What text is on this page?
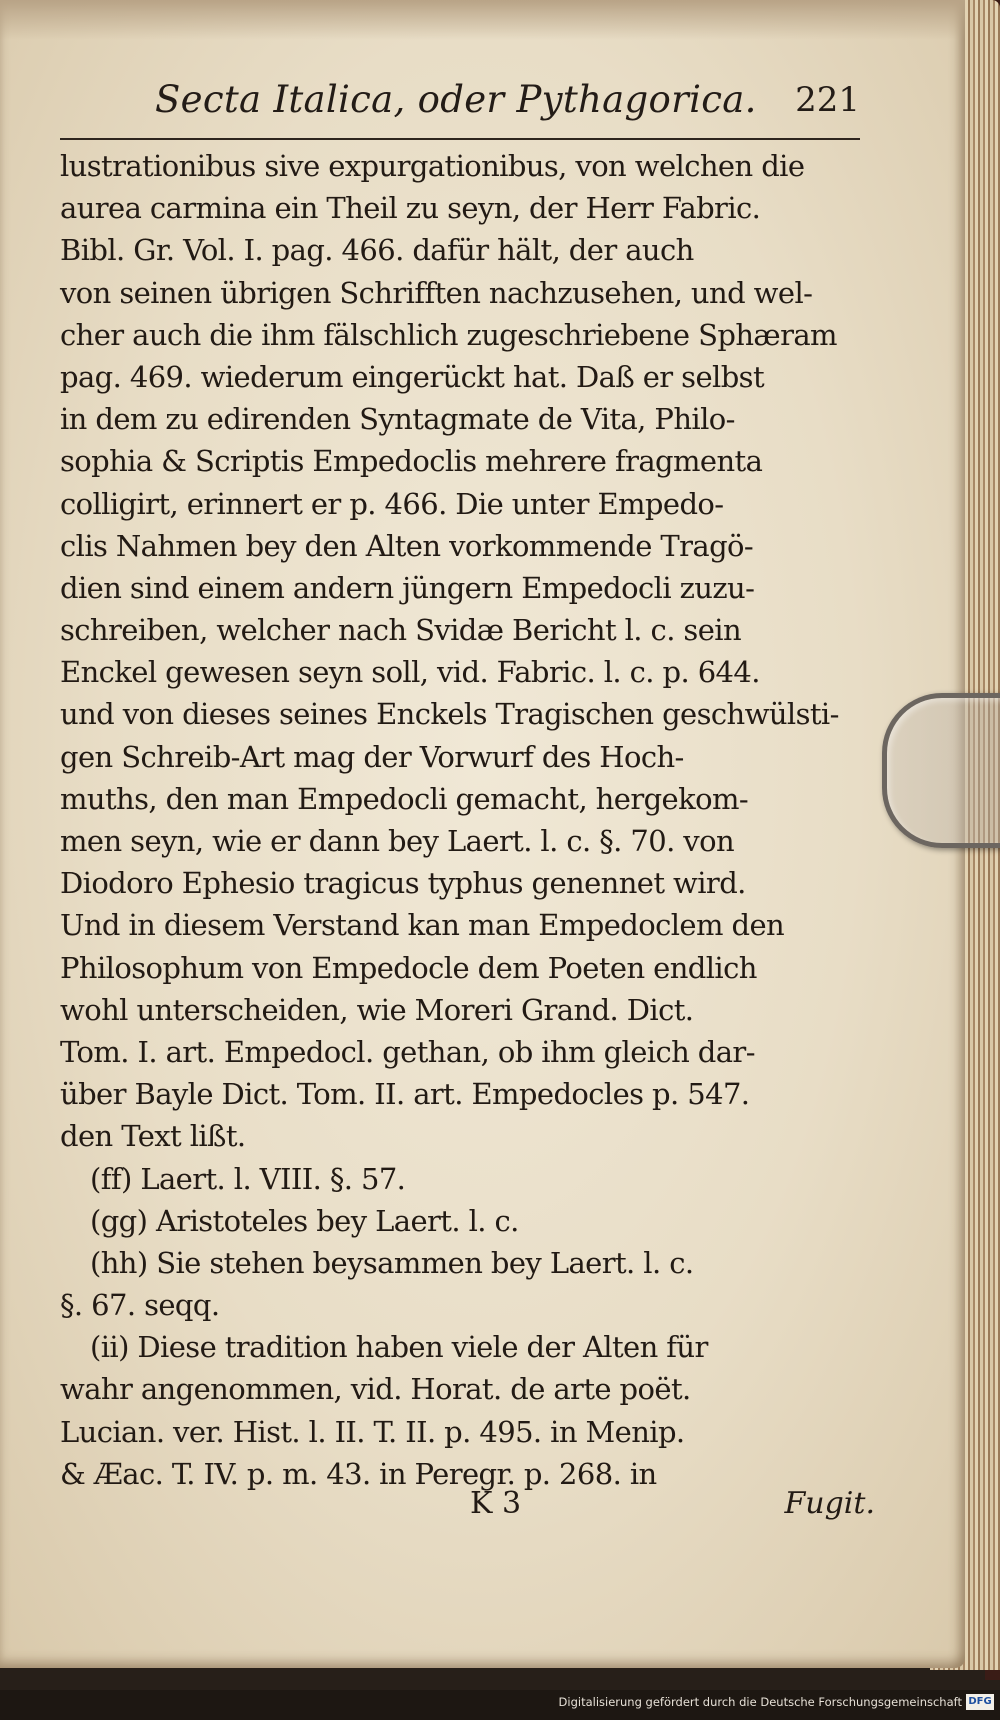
Secta Italica, oder Pythagorica. 221
lustrationibus sive expurgationibus, von welchen die
aurea carmina ein Theil zu seyn, der Herr Fabric.
Bibl. Gr. Vol. I. pag. 466. dafür hält, der auch
von seinen übrigen Schrifften nachzusehen, und wel-
cher auch die ihm fälschlich zugeschriebene Sphæram
pag. 469. wiederum eingerückt hat. Daß er selbst
in dem zu edirenden Syntagmate de Vita, Philo-
sophia & Scriptis Empedoclis mehrere fragmenta
colligirt, erinnert er p. 466. Die unter Empedo-
clis Nahmen bey den Alten vorkommende Tragö-
dien sind einem andern jüngern Empedocli zuzu-
schreiben, welcher nach Svidæ Bericht l. c. sein
Enckel gewesen seyn soll, vid. Fabric. l. c. p. 644.
und von dieses seines Enckels Tragischen geschwülsti-
gen Schreib-Art mag der Vorwurf des Hoch-
muths, den man Empedocli gemacht, hergekom-
men seyn, wie er dann bey Laert. l. c. §. 70. von
Diodoro Ephesio tragicus typhus genennet wird.
Und in diesem Verstand kan man Empedoclem den
Philosophum von Empedocle dem Poeten endlich
wohl unterscheiden, wie Moreri Grand. Dict.
Tom. I. art. Empedocl. gethan, ob ihm gleich dar-
über Bayle Dict. Tom. II. art. Empedocles p. 547.
den Text lißt.
(ff) Laert. l. VIII. §. 57.
(gg) Aristoteles bey Laert. l. c.
(hh) Sie stehen beysammen bey Laert. l. c.
§. 67. seqq.
(ii) Diese tradition haben viele der Alten für
wahr angenommen, vid. Horat. de arte poët.
Lucian. ver. Hist. l. II. T. II. p. 495. in Menip.
& Æac. T. IV. p. m. 43. in Peregr. p. 268. in
K 3	Fugit.
Digitalisierung gefördert durch die Deutsche Forschungsgemeinschaft DFG
